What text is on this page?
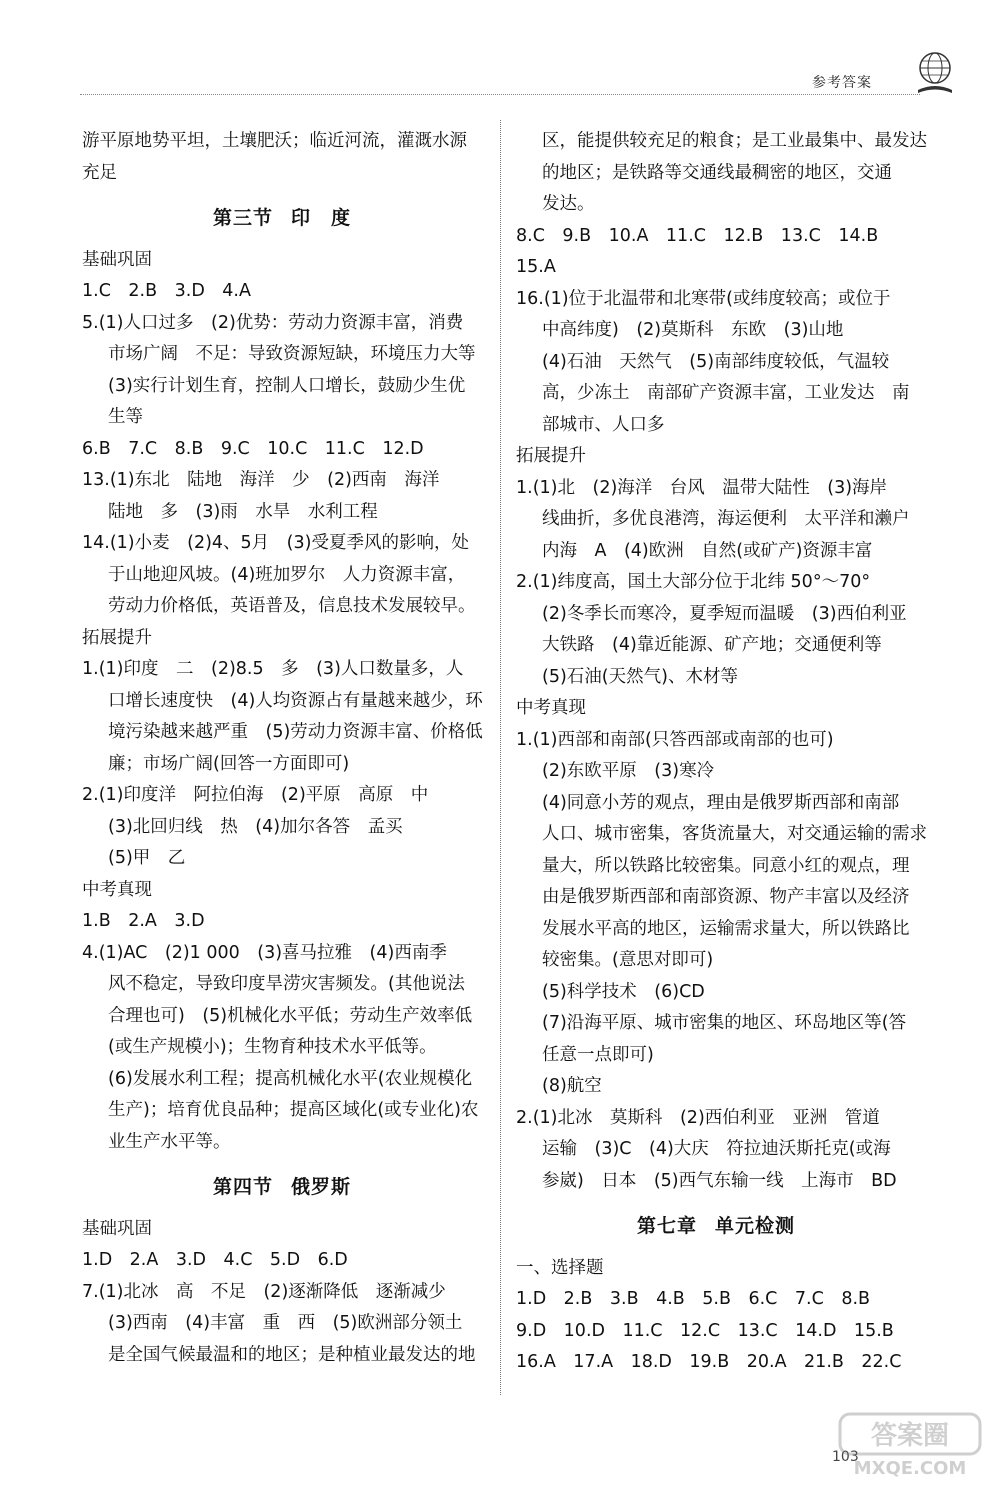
参考答案
游平原地势平坦，土壤肥沃；临近河流，灌溉水源
充足
第三节 印　度
基础巩固
1.C　2.B　3.D　4.A
5.(1)人口过多　(2)优势：劳动力资源丰富，消费
市场广阔　不足：导致资源短缺，环境压力大等
(3)实行计划生育，控制人口增长，鼓励少生优
生等
6.B　7.C　8.B　9.C　10.C　11.C　12.D
13.(1)东北　陆地　海洋　少　(2)西南　海洋
陆地　多　(3)雨　水旱　水利工程
14.(1)小麦　(2)4、5月　(3)受夏季风的影响，处
于山地迎风坡。(4)班加罗尔　人力资源丰富，
劳动力价格低，英语普及，信息技术发展较早。
拓展提升
1.(1)印度　二　(2)8.5　多　(3)人口数量多，人
口增长速度快　(4)人均资源占有量越来越少，环
境污染越来越严重　(5)劳动力资源丰富、价格低
廉；市场广阔(回答一方面即可)
2.(1)印度洋　阿拉伯海　(2)平原　高原　中
(3)北回归线　热　(4)加尔各答　孟买
(5)甲　乙
中考真现
1.B　2.A　3.D
4.(1)AC　(2)1 000　(3)喜马拉雅　(4)西南季
风不稳定，导致印度旱涝灾害频发。(其他说法
合理也可)　(5)机械化水平低；劳动生产效率低
(或生产规模小)；生物育种技术水平低等。
(6)发展水利工程；提高机械化水平(农业规模化
生产)；培育优良品种；提高区域化(或专业化)农
业生产水平等。
第四节 俄罗斯
基础巩固
1.D　2.A　3.D　4.C　5.D　6.D
7.(1)北冰　高　不足　(2)逐渐降低　逐渐减少
(3)西南　(4)丰富　重　西　(5)欧洲部分领土
是全国气候最温和的地区；是种植业最发达的地
区，能提供较充足的粮食；是工业最集中、最发达
的地区；是铁路等交通线最稠密的地区，交通
发达。
8.C　9.B　10.A　11.C　12.B　13.C　14.B
15.A
16.(1)位于北温带和北寒带(或纬度较高；或位于
中高纬度)　(2)莫斯科　东欧　(3)山地
(4)石油　天然气　(5)南部纬度较低，气温较
高，少冻土　南部矿产资源丰富，工业发达　南
部城市、人口多
拓展提升
1.(1)北　(2)海洋　台风　温带大陆性　(3)海岸
线曲折，多优良港湾，海运便利　太平洋和濑户
内海　A　(4)欧洲　自然(或矿产)资源丰富
2.(1)纬度高，国土大部分位于北纬 50°～70°
(2)冬季长而寒冷，夏季短而温暖　(3)西伯利亚
大铁路　(4)靠近能源、矿产地；交通便利等
(5)石油(天然气)、木材等
中考真现
1.(1)西部和南部(只答西部或南部的也可)
(2)东欧平原　(3)寒冷
(4)同意小芳的观点，理由是俄罗斯西部和南部
人口、城市密集，客货流量大，对交通运输的需求
量大，所以铁路比较密集。同意小红的观点，理
由是俄罗斯西部和南部资源、物产丰富以及经济
发展水平高的地区，运输需求量大，所以铁路比
较密集。(意思对即可)
(5)科学技术　(6)CD
(7)沿海平原、城市密集的地区、环岛地区等(答
任意一点即可)
(8)航空
2.(1)北冰　莫斯科　(2)西伯利亚　亚洲　管道
运输　(3)C　(4)大庆　符拉迪沃斯托克(或海
参崴)　日本　(5)西气东输一线　上海市　BD
第七章 单元检测
一、选择题
1.D　2.B　3.B　4.B　5.B　6.C　7.C　8.B
9.D　10.D　11.C　12.C　13.C　14.D　15.B
16.A　17.A　18.D　19.B　20.A　21.B　22.C
103
答案圈
MXQE.COM
